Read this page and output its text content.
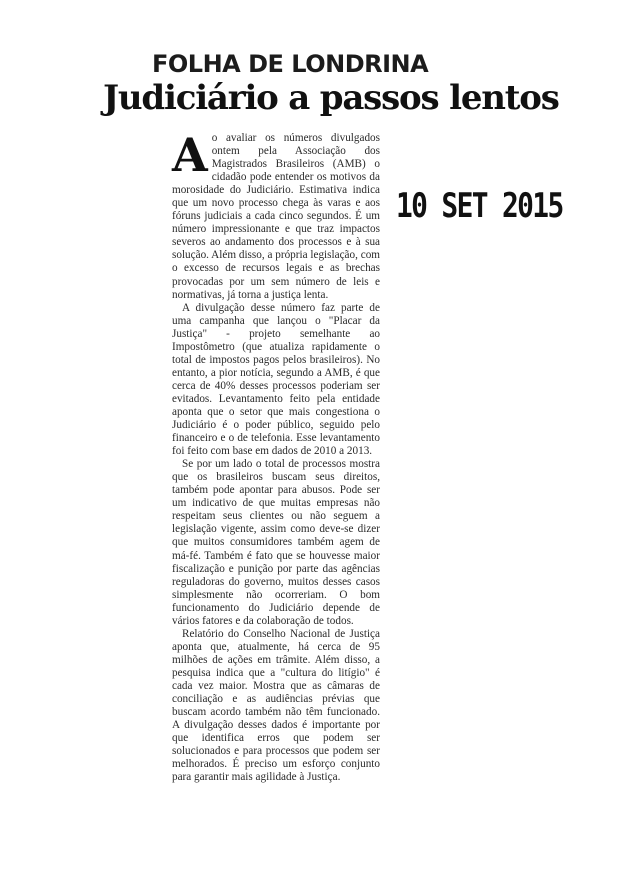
FOLHA DE LONDRINA
Judiciário a passos lentos
10 SET 2015

Ao avaliar os números divulgados ontem pela Associação dos Magistrados Brasileiros (AMB) o cidadão pode entender os motivos da morosidade do Judiciário. Estimativa indica que um novo processo chega às varas e aos fóruns judiciais a cada cinco segundos. É um número impressionante e que traz impactos severos ao andamento dos processos e à sua solução. Além disso, a própria legislação, com o excesso de recursos legais e as brechas provocadas por um sem número de leis e normativas, já torna a justiça lenta.

A divulgação desse número faz parte de uma campanha que lançou o "Placar da Justiça" - projeto semelhante ao Impostômetro (que atualiza rapidamente o total de impostos pagos pelos brasileiros). No entanto, a pior notícia, segundo a AMB, é que cerca de 40% desses processos poderiam ser evitados. Levantamento feito pela entidade aponta que o setor que mais congestiona o Judiciário é o poder público, seguido pelo financeiro e o de telefonia. Esse levantamento foi feito com base em dados de 2010 a 2013.

Se por um lado o total de processos mostra que os brasileiros buscam seus direitos, também pode apontar para abusos. Pode ser um indicativo de que muitas empresas não respeitam seus clientes ou não seguem a legislação vigente, assim como deve-se dizer que muitos consumidores também agem de má-fé. Também é fato que se houvesse maior fiscalização e punição por parte das agências reguladoras do governo, muitos desses casos simplesmente não ocorreriam. O bom funcionamento do Judiciário depende de vários fatores e da colaboração de todos.

Relatório do Conselho Nacional de Justiça aponta que, atualmente, há cerca de 95 milhões de ações em trâmite. Além disso, a pesquisa indica que a "cultura do litígio" é cada vez maior. Mostra que as câmaras de conciliação e as audiências prévias que buscam acordo também não têm funcionado. A divulgação desses dados é importante por que identifica erros que podem ser solucionados e para processos que podem ser melhorados. É preciso um esforço conjunto para garantir mais agilidade à Justiça.
